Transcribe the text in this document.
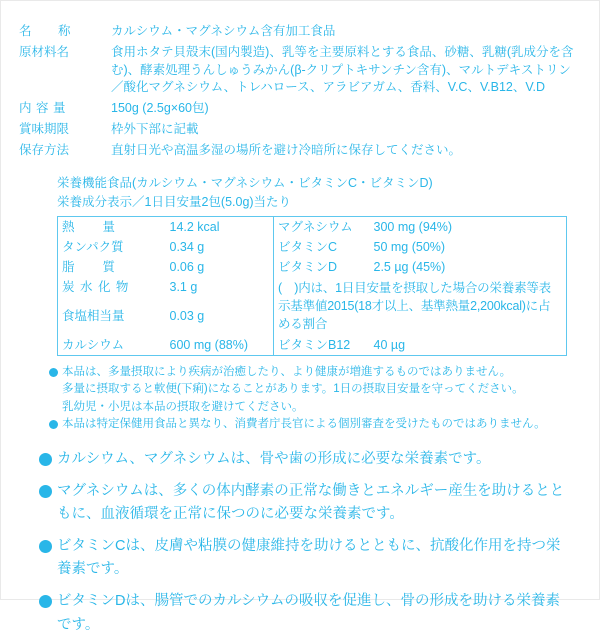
名　　称	カルシウム・マグネシウム含有加工食品
原材料名	食用ホタテ貝殻末(国内製造)、乳等を主要原料とする食品、砂糖、乳糖(乳成分を含む)、酵素処理うんしゅうみかん(β-クリプトキサンチン含有)、マルトデキストリン／酸化マグネシウム、トレハロース、アラビアガム、香料、V.C、V.B12、V.D
内 容 量	150g (2.5g×60包)
賞味期限	枠外下部に記載
保存方法	直射日光や高温多湿の場所を避け冷暗所に保存してください。
栄養機能食品(カルシウム・マグネシウム・ビタミンC・ビタミンD)
栄養成分表示／1日目安量2包(5.0g)当たり
熱　　量	14.2 kcal	マグネシウム	300 mg (94%)
タンパク質	0.34 g	ビタミンC	50 mg (50%)
脂　　質	0.06 g	ビタミンD	2.5 µg (45%)
炭 水 化 物	3.1 g	(　)内は、1日目安量を摂取した場合の栄養素等表示基準値2015(18才以上、基準熱量2,200kcal)に占める割合	
食塩相当量	0.03 g		
カルシウム	600 mg (88%)	ビタミンB12	40 µg
本品は、多量摂取により疾病が治癒したり、より健康が増進するものではありません。
多量に摂取すると軟便(下痢)になることがあります。1日の摂取目安量を守ってください。
乳幼児・小児は本品の摂取を避けてください。
本品は特定保健用食品と異なり、消費者庁長官による個別審査を受けたものではありません。
カルシウム、マグネシウムは、骨や歯の形成に必要な栄養素です。
マグネシウムは、多くの体内酵素の正常な働きとエネルギー産生を助けるとともに、血液循環を正常に保つのに必要な栄養素です。
ビタミンCは、皮膚や粘膜の健康維持を助けるとともに、抗酸化作用を持つ栄養素です。
ビタミンDは、腸管でのカルシウムの吸収を促進し、骨の形成を助ける栄養素です。
